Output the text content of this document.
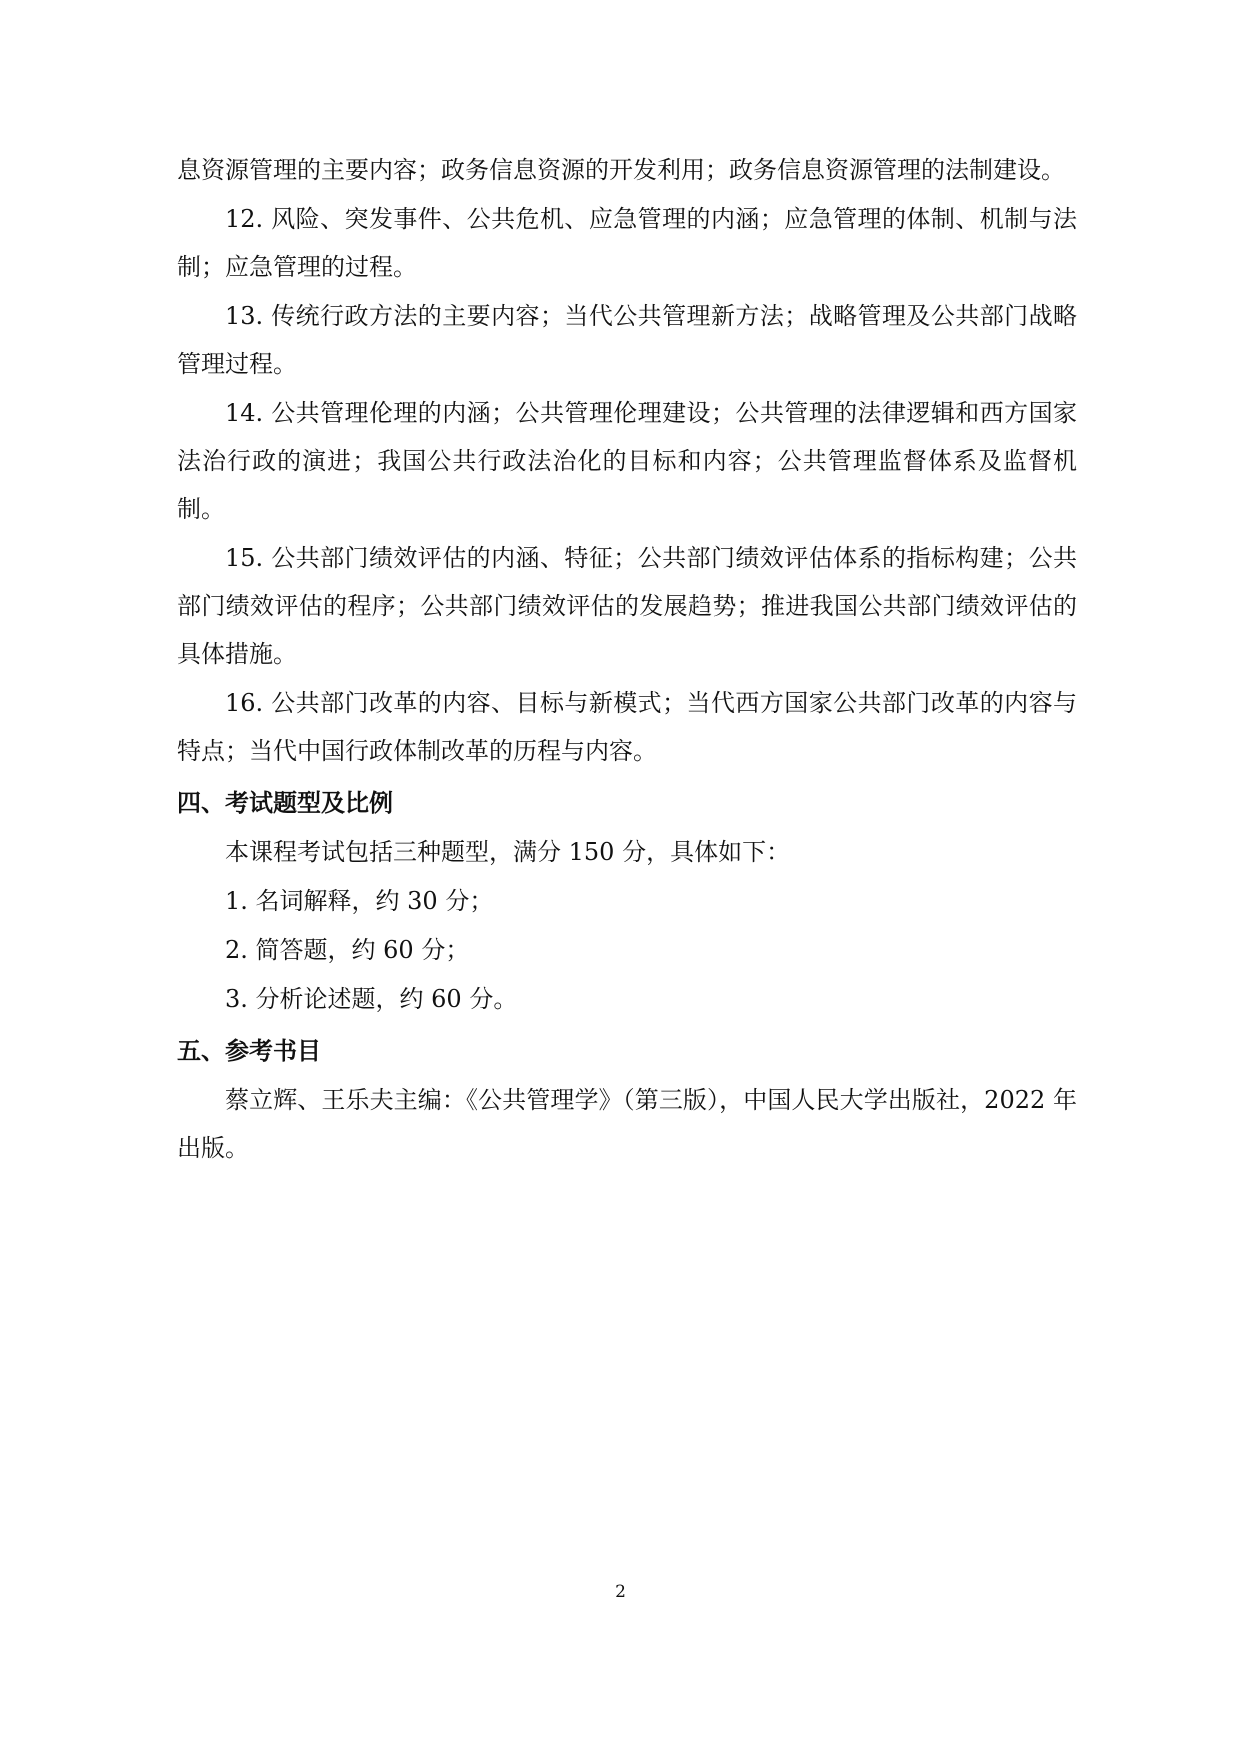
息资源管理的主要内容；政务信息资源的开发利用；政务信息资源管理的法制建设。

12. 风险、突发事件、公共危机、应急管理的内涵；应急管理的体制、机制与法制；应急管理的过程。

13. 传统行政方法的主要内容；当代公共管理新方法；战略管理及公共部门战略管理过程。

14. 公共管理伦理的内涵；公共管理伦理建设；公共管理的法律逻辑和西方国家法治行政的演进；我国公共行政法治化的目标和内容；公共管理监督体系及监督机制。

15. 公共部门绩效评估的内涵、特征；公共部门绩效评估体系的指标构建；公共部门绩效评估的程序；公共部门绩效评估的发展趋势；推进我国公共部门绩效评估的具体措施。

16. 公共部门改革的内容、目标与新模式；当代西方国家公共部门改革的内容与特点；当代中国行政体制改革的历程与内容。

四、考试题型及比例

本课程考试包括三种题型，满分 150 分，具体如下：

1. 名词解释，约 30 分；

2. 简答题，约 60 分；

3. 分析论述题，约 60 分。

五、参考书目

蔡立辉、王乐夫主编：《公共管理学》（第三版），中国人民大学出版社，2022 年出版。

2
